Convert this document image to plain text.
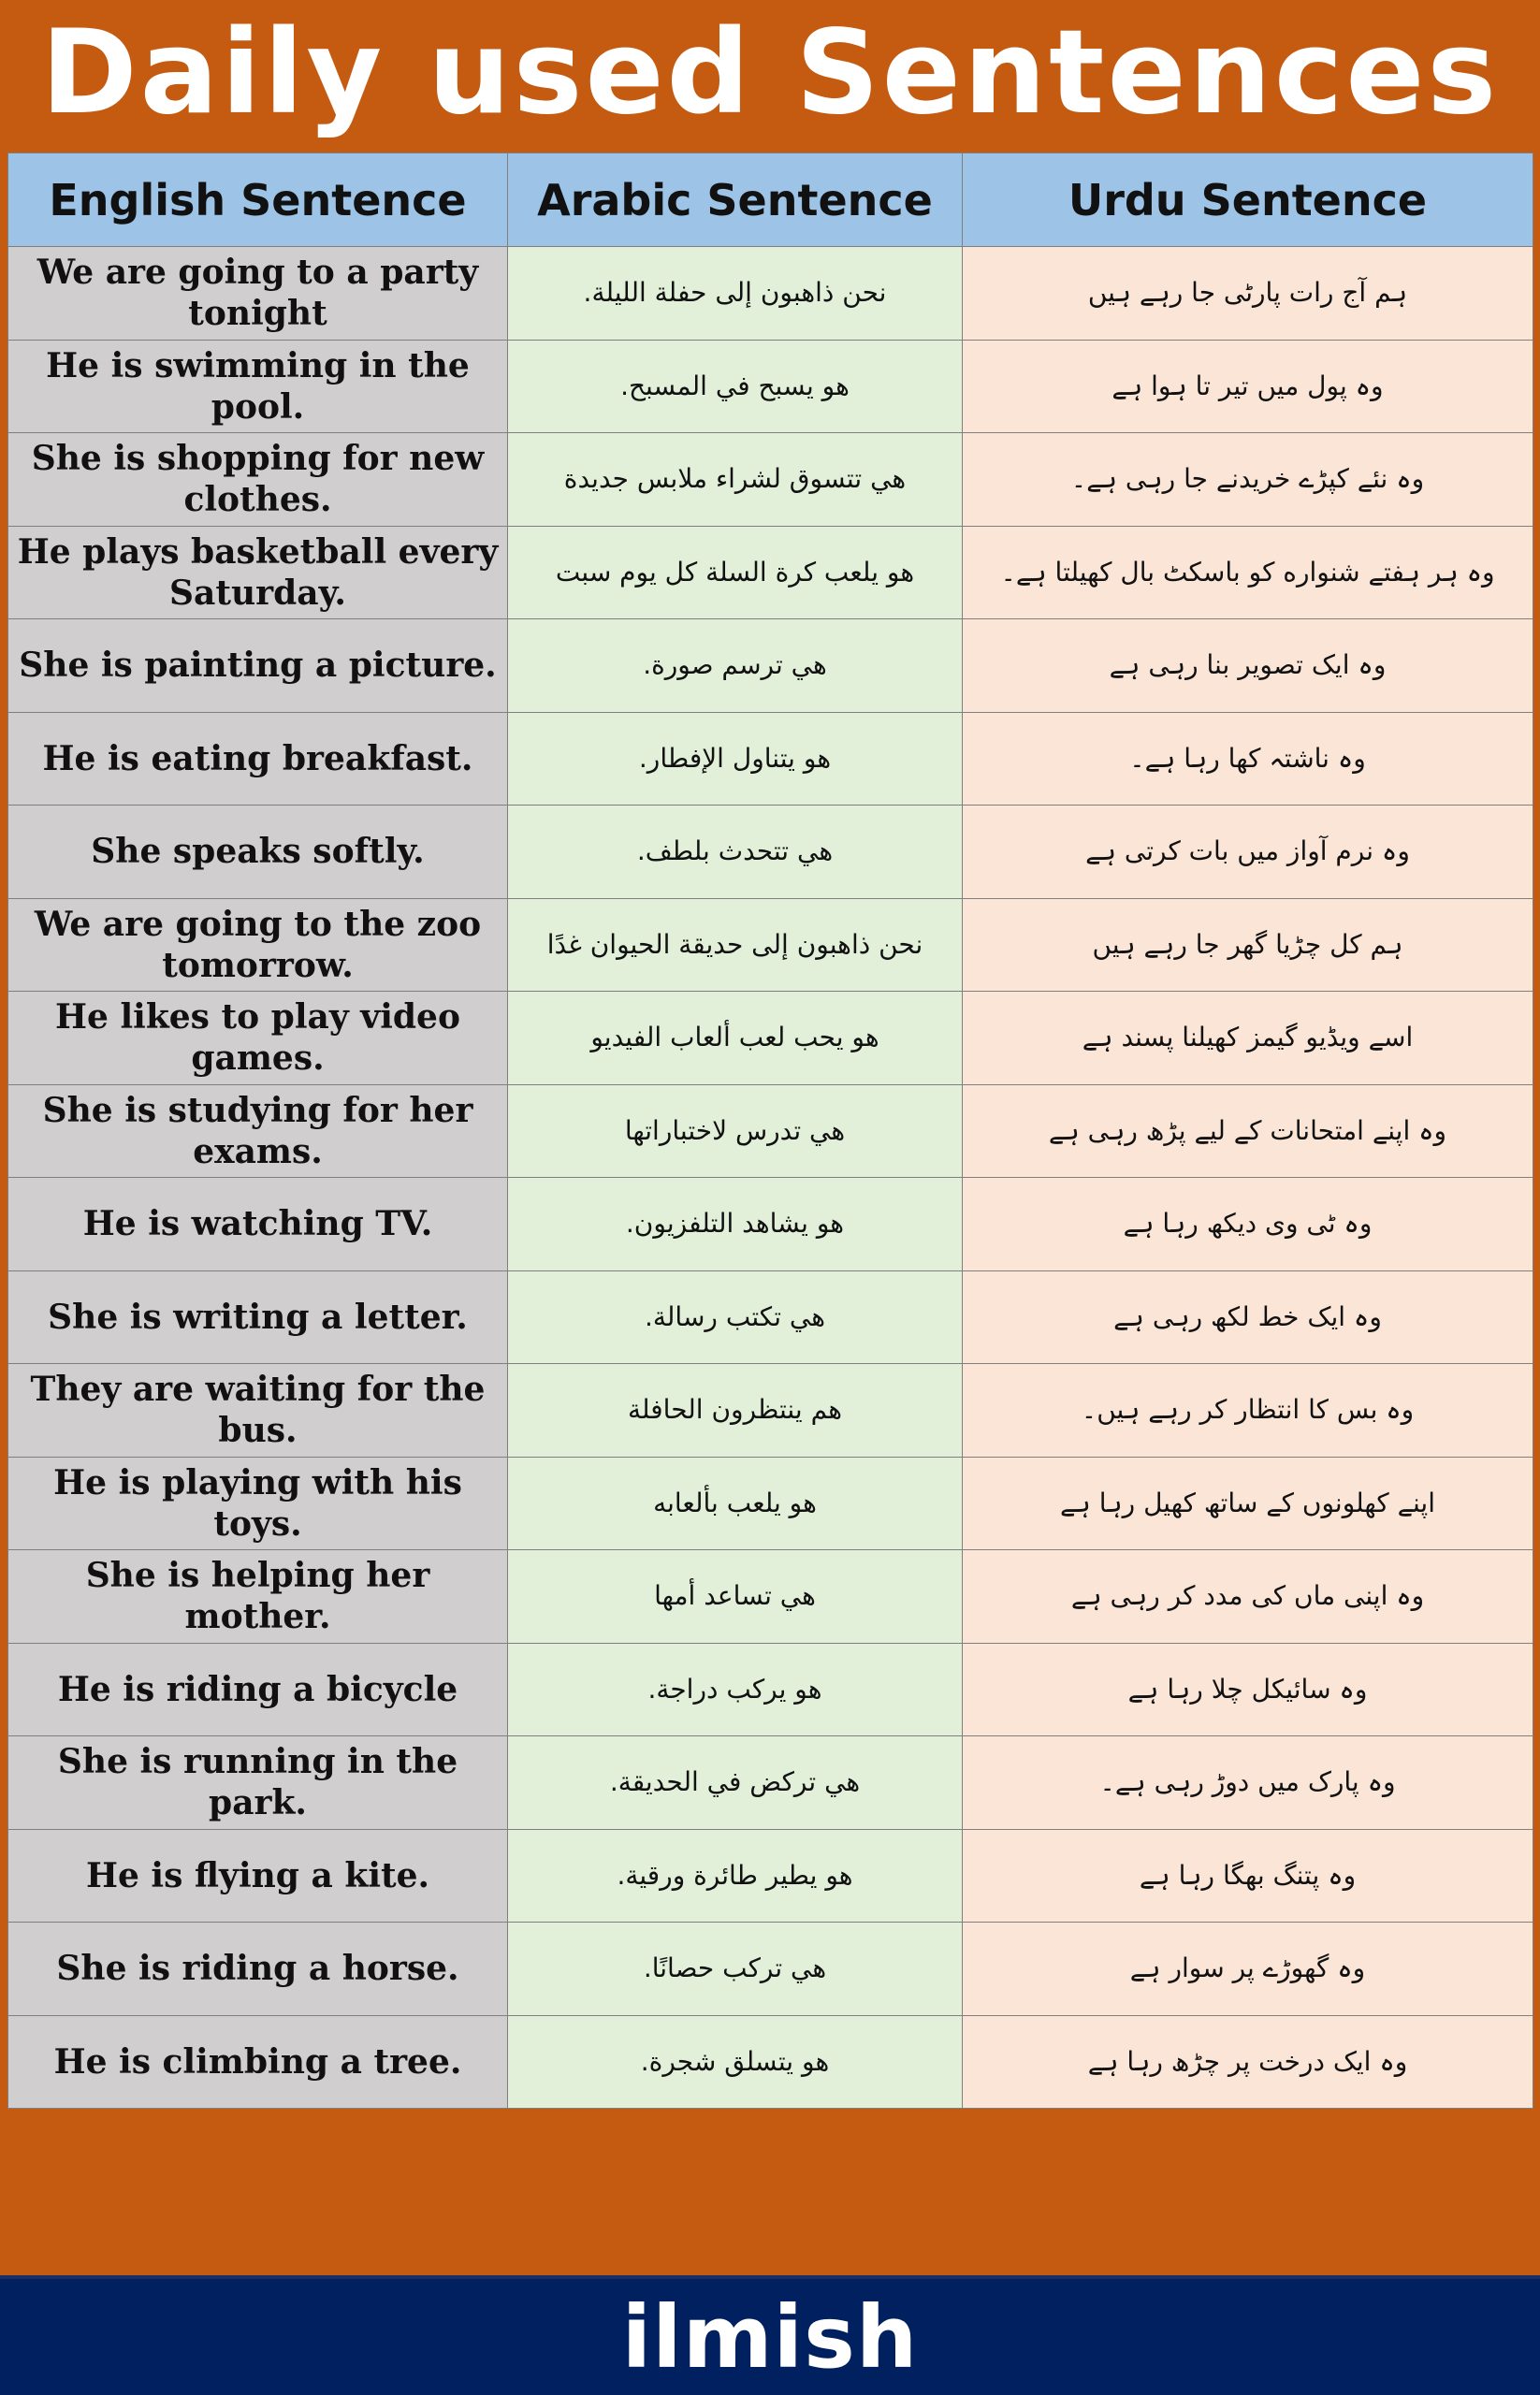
Daily used Sentences
English Sentence	Arabic Sentence	Urdu Sentence
We are going to a party tonight	نحن ذاهبون إلى حفلة الليلة.	ہم آج رات پارٹی جا رہے ہیں
He is swimming in the pool.	هو يسبح في المسبح.	وہ پول میں تیر تا ہوا ہے
She is shopping for new clothes.	هي تتسوق لشراء ملابس جديدة	وہ نئے کپڑے خریدنے جا رہی ہے۔
He plays basketball every Saturday.	هو يلعب كرة السلة كل يوم سبت	وہ ہر ہفتے شنواره کو باسکٹ بال کھیلتا ہے۔
She is painting a picture.	هي ترسم صورة.	وہ ایک تصویر بنا رہی ہے
He is eating breakfast.	هو يتناول الإفطار.	وہ ناشتہ کھا رہا ہے۔
She speaks softly.	هي تتحدث بلطف.	وہ نرم آواز میں بات کرتی ہے
We are going to the zoo tomorrow.	نحن ذاهبون إلى حديقة الحيوان غدًا	ہم کل چڑیا گھر جا رہے ہیں
He likes to play video games.	هو يحب لعب ألعاب الفيديو	اسے ویڈیو گیمز کھیلنا پسند ہے
She is studying for her exams.	هي تدرس لاختباراتها	وہ اپنے امتحانات کے لیے پڑھ رہی ہے
He is watching TV.	هو يشاهد التلفزيون.	وہ ٹی وی دیکھ رہا ہے
She is writing a letter.	هي تكتب رسالة.	وہ ایک خط لکھ رہی ہے
They are waiting for the bus.	هم ينتظرون الحافلة	وہ بس کا انتظار کر رہے ہیں۔
He is playing with his toys.	هو يلعب بألعابه	اپنے کھلونوں کے ساتھ کھیل رہا ہے
She is helping her mother.	هي تساعد أمها	وہ اپنی ماں کی مدد کر رہی ہے
He is riding a bicycle	هو يركب دراجة.	وہ سائیکل چلا رہا ہے
She is running in the park.	هي تركض في الحديقة.	وہ پارک میں دوڑ رہی ہے۔
He is flying a kite.	هو يطير طائرة ورقية.	وہ پتنگ بھگا رہا ہے
She is riding a horse.	هي تركب حصانًا.	وہ گھوڑے پر سوار ہے
He is climbing a tree.	هو يتسلق شجرة.	وہ ایک درخت پر چڑھ رہا ہے
ilmish
